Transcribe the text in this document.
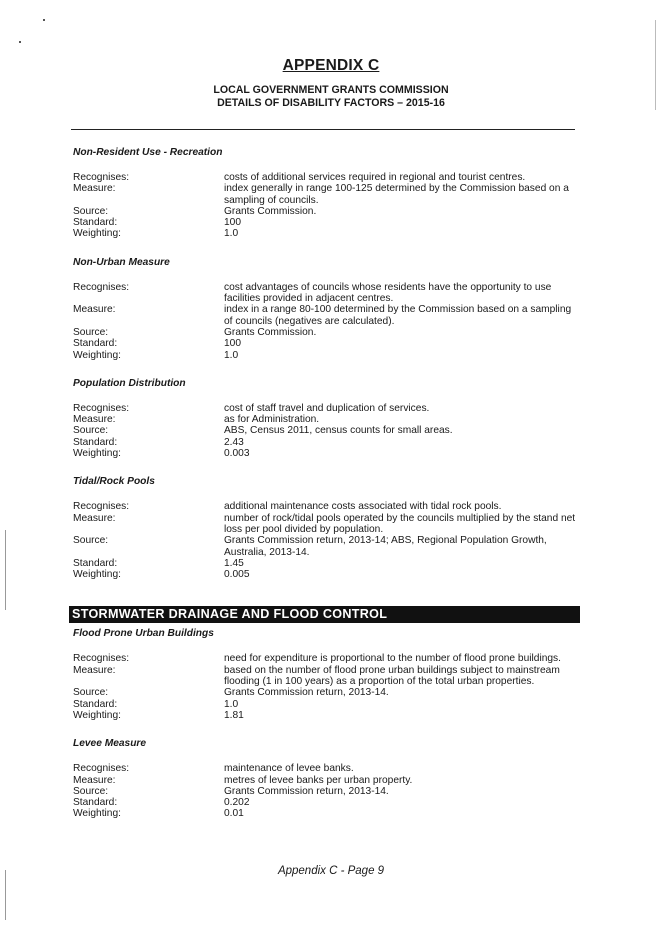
APPENDIX C
LOCAL GOVERNMENT GRANTS COMMISSION
DETAILS OF DISABILITY FACTORS – 2015-16
Non-Resident Use - Recreation
Recognises:	costs of additional services required in regional and tourist centres.
Measure:	index generally in range 100-125 determined by the Commission based on a sampling of councils.
Source:	Grants Commission.
Standard:	100
Weighting:	1.0
Non-Urban Measure
Recognises:	cost advantages of councils whose residents have the opportunity to use facilities provided in adjacent centres.
Measure:	index in a range 80-100 determined by the Commission based on a sampling of councils (negatives are calculated).
Source:	Grants Commission.
Standard:	100
Weighting:	1.0
Population Distribution
Recognises:	cost of staff travel and duplication of services.
Measure:	as for Administration.
Source:	ABS, Census 2011, census counts for small areas.
Standard:	2.43
Weighting:	0.003
Tidal/Rock Pools
Recognises:	additional maintenance costs associated with tidal rock pools.
Measure:	number of rock/tidal pools operated by the councils multiplied by the stand net loss per pool divided by population.
Source:	Grants Commission return, 2013-14; ABS, Regional Population Growth, Australia, 2013-14.
Standard:	1.45
Weighting:	0.005
STORMWATER DRAINAGE AND FLOOD CONTROL
Flood Prone Urban Buildings
Recognises:	need for expenditure is proportional to the number of flood prone buildings.
Measure:	based on the number of flood prone urban buildings subject to mainstream flooding (1 in 100 years) as a proportion of the total urban properties.
Source:	Grants Commission return, 2013-14.
Standard:	1.0
Weighting:	1.81
Levee Measure
Recognises:	maintenance of levee banks.
Measure:	metres of levee banks per urban property.
Source:	Grants Commission return, 2013-14.
Standard:	0.202
Weighting:	0.01
Appendix C - Page 9
